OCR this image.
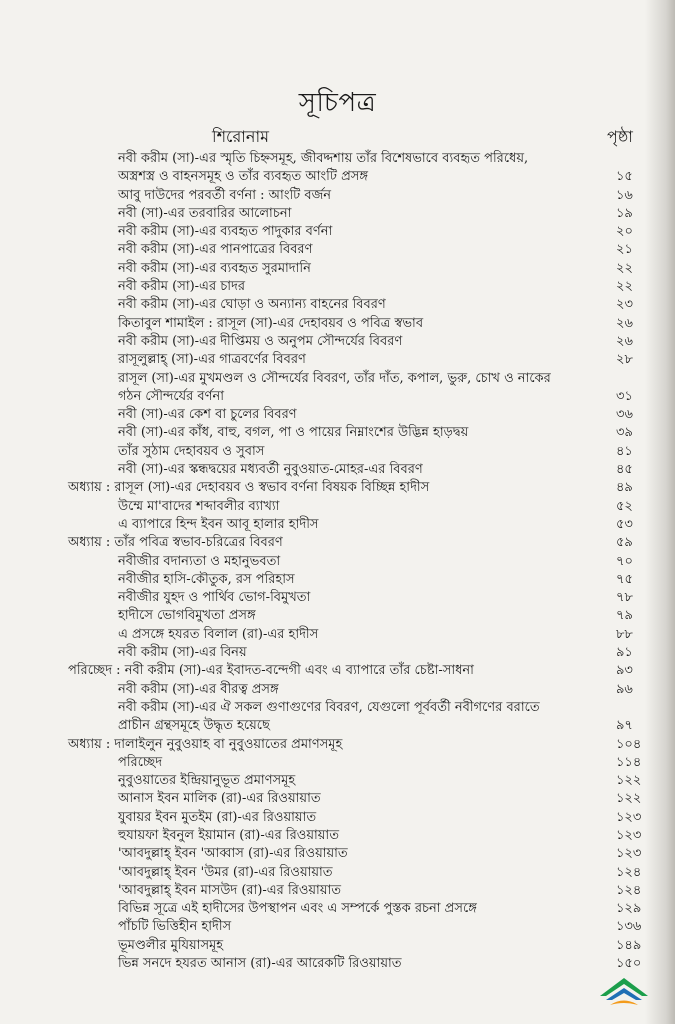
সূচিপত্র
শিরোনাম	পৃষ্ঠা
নবী করীম (সা)-এর স্মৃতি চিহ্নসমূহ, জীবদ্দশায় তাঁর বিশেষভাবে ব্যবহৃত পরিধেয়,
অস্ত্রশস্ত্র ও বাহনসমূহ ও তাঁর ব্যবহৃত আংটি প্রসঙ্গ	১৫
আবু দাউদের পরবর্তী বর্ণনা : আংটি বর্জন	১৬
নবী (সা)-এর তরবারির আলোচনা	১৯
নবী করীম (সা)-এর ব্যবহৃত পাদুকার বর্ণনা	২০
নবী করীম (সা)-এর পানপাত্রের বিবরণ	২১
নবী করীম (সা)-এর ব্যবহৃত সুরমাদানি	২২
নবী করীম (সা)-এর চাদর	২২
নবী করীম (সা)-এর ঘোড়া ও অন্যান্য বাহনের বিবরণ	২৩
কিতাবুল শামাইল : রাসূল (সা)-এর দেহাবয়ব ও পবিত্র স্বভাব	২৬
নবী করীম (সা)-এর দীপ্তিময় ও অনুপম সৌন্দর্যের বিবরণ	২৬
রাসূলুল্লাহ্ (সা)-এর গাত্রবর্ণের বিবরণ	২৮
রাসূল (সা)-এর মুখমণ্ডল ও সৌন্দর্যের বিবরণ, তাঁর দাঁত, কপাল, ভুরু, চোখ ও নাকের
গঠন সৌন্দর্যের বর্ণনা	৩১
নবী (সা)-এর কেশ বা চুলের বিবরণ	৩৬
নবী (সা)-এর কাঁধ, বাহু, বগল, পা ও পায়ের নিম্নাংশের উদ্ভিন্ন হাড়দ্বয়	৩৯
তাঁর সুঠাম দেহাবয়ব ও সুবাস	৪১
নবী (সা)-এর স্কন্ধদ্বয়ের মধ্যবর্তী নুবুওয়াত-মোহর-এর বিবরণ	৪৫
অধ্যায় : রাসূল (সা)-এর দেহাবয়ব ও স্বভাব বর্ণনা বিষয়ক বিচ্ছিন্ন হাদীস	৪৯
উম্মে মা'বাদের শব্দাবলীর ব্যাখ্যা	৫২
এ ব্যাপারে হিন্দ ইবন আবূ হালার হাদীস	৫৩
অধ্যায় : তাঁর পবিত্র স্বভাব-চরিত্রের বিবরণ	৫৯
নবীজীর বদান্যতা ও মহানুভবতা	৭০
নবীজীর হাসি-কৌতুক, রস পরিহাস	৭৫
নবীজীর যুহদ ও পার্থিব ভোগ-বিমুখতা	৭৮
হাদীসে ভোগবিমুখতা প্রসঙ্গ	৭৯
এ প্রসঙ্গে হযরত বিলাল (রা)-এর হাদীস	৮৮
নবী করীম (সা)-এর বিনয়	৯১
পরিচ্ছেদ : নবী করীম (সা)-এর ইবাদত-বন্দেগী এবং এ ব্যাপারে তাঁর চেষ্টা-সাধনা	৯৩
নবী করীম (সা)-এর বীরত্ব প্রসঙ্গ	৯৬
নবী করীম (সা)-এর ঐ সকল গুণাগুণের বিবরণ, যেগুলো পূর্ববর্তী নবীগণের বরাতে
প্রাচীন গ্রন্থসমূহে উদ্ধৃত হয়েছে	৯৭
অধ্যায় : দালাইলুন নুবুওয়াহ বা নুবুওয়াতের প্রমাণসমূহ	১০৪
পরিচ্ছেদ	১১৪
নুবুওয়াতের ইন্দ্রিয়ানুভূত প্রমাণসমূহ	১২২
আনাস ইবন মালিক (রা)-এর রিওয়ায়াত	১২২
যুবায়র ইবন মুতইম (রা)-এর রিওয়ায়াত	১২৩
হুযায়ফা ইবনুল ইয়ামান (রা)-এর রিওয়ায়াত	১২৩
'আবদুল্লাহ্ ইবন 'আব্বাস (রা)-এর রিওয়ায়াত	১২৩
'আবদুল্লাহ্ ইবন 'উমর (রা)-এর রিওয়ায়াত	১২৪
'আবদুল্লাহ্ ইবন মাসউদ (রা)-এর রিওয়ায়াত	১২৪
বিভিন্ন সূত্রে এই হাদীসের উপস্থাপন এবং এ সম্পর্কে পুস্তক রচনা প্রসঙ্গে	১২৯
পাঁচটি ভিত্তিহীন হাদীস	১৩৬
ভূমণ্ডলীর মুযিয়াসমূহ	১৪৯
ভিন্ন সনদে হযরত আনাস (রা)-এর আরেকটি রিওয়ায়াত	১৫০
